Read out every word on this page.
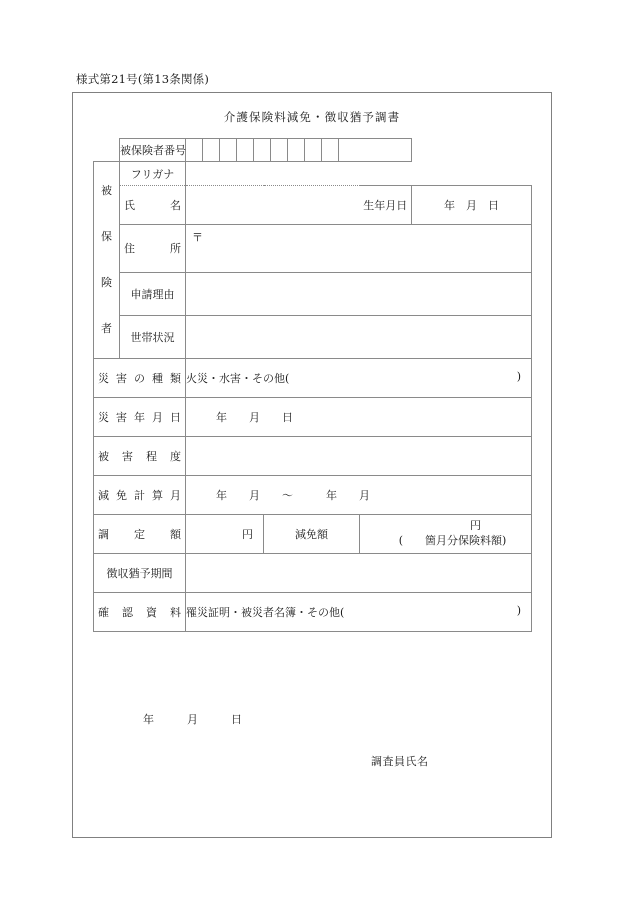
様式第21号(第13条関係)
介護保険料減免・徴収猶予調書
	被保険者番号			

被
保
険
者	フリガナ				

	氏　　名			生年月日	年　月　日

	住　　所	〒			

	申請理由				
	世帯状況				

災害の種類		火災・水害・その他( )			

災害年月日		年　　月　　日			

被害程度					

減免計算月		年　　月　　～　　　年　　月			

調定額		円	減免額	円
(　　箇月分保険料額)	

徴収猶予期間					

確認資料		罹災証明・被災者名簿・その他( )			
年　　　月　　　日
調査員氏名
